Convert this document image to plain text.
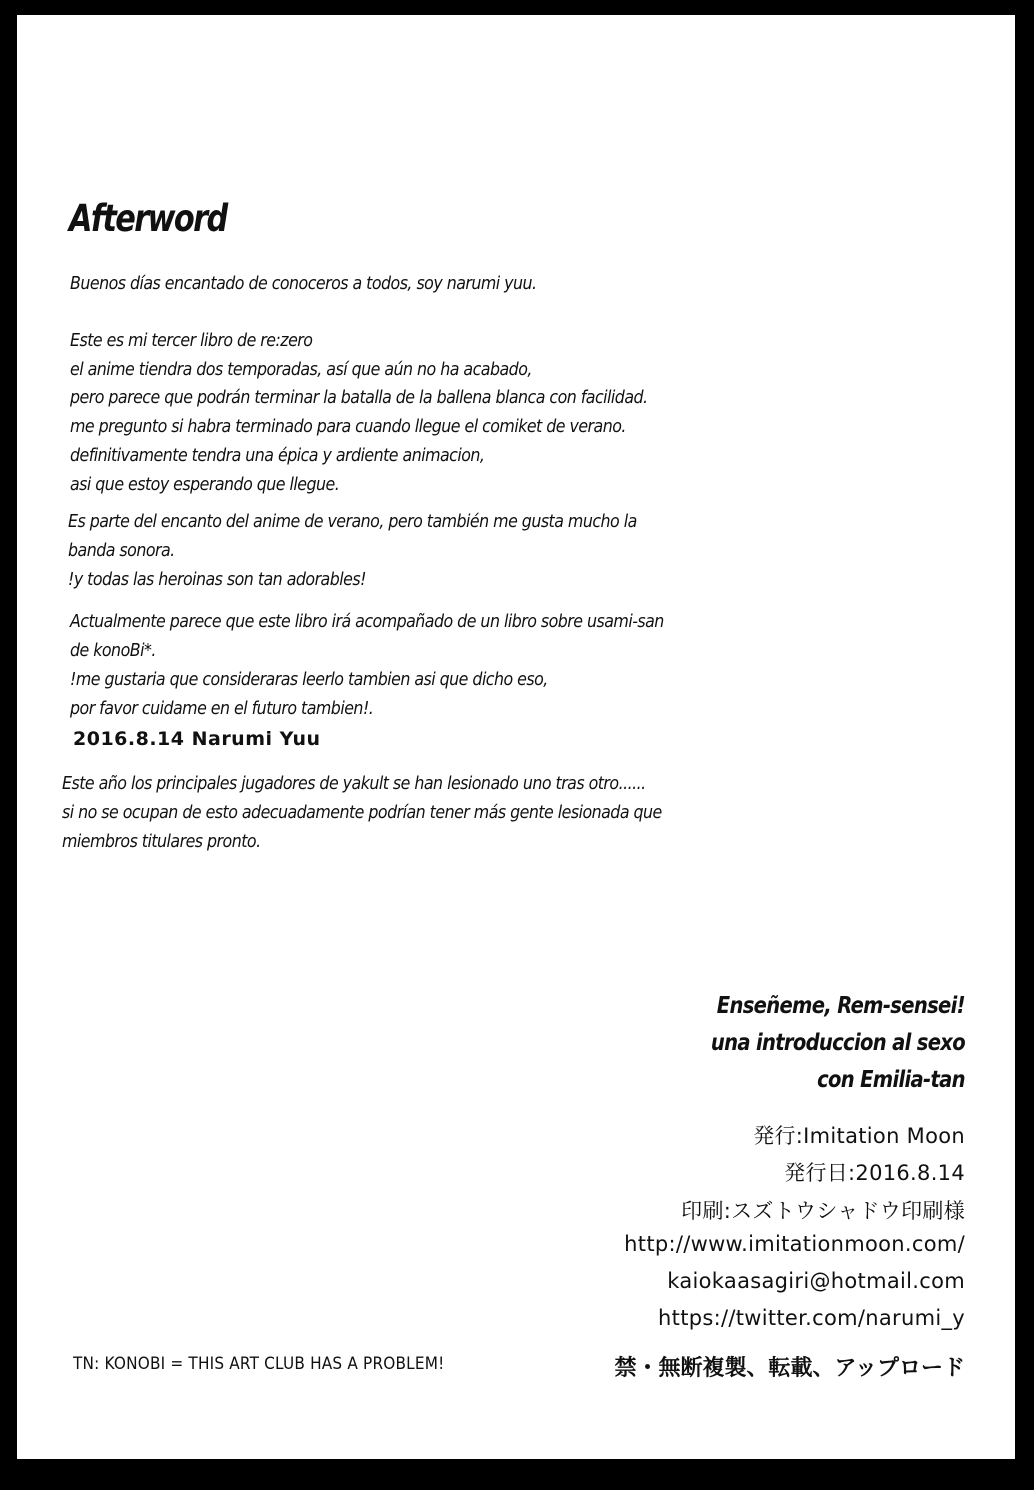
Afterword
Buenos días encantado de conoceros a todos, soy narumi yuu.
Este es mi tercer libro de re:zero
el anime tiendra dos temporadas, así que aún no ha acabado,
pero parece que podrán terminar la batalla de la ballena blanca con facilidad.
me pregunto si habra terminado para cuando llegue el comiket de verano.
definitivamente tendra una épica y ardiente animacion,
asi que estoy esperando que llegue.
Es parte del encanto del anime de verano, pero también me gusta mucho la
banda sonora.
!y todas las heroinas son tan adorables!
Actualmente parece que este libro irá acompañado de un libro sobre usami-san
de konoBi*.
!me gustaria que consideraras leerlo tambien asi que dicho eso,
por favor cuidame en el futuro tambien!.
2016.8.14 Narumi Yuu
Este año los principales jugadores de yakult se han lesionado uno tras otro......
si no se ocupan de esto adecuadamente podrían tener más gente lesionada que
miembros titulares pronto.
Enseñeme, Rem-sensei!
una introduccion al sexo
con Emilia-tan
発行:Imitation Moon
発行日:2016.8.14
印刷:スズトウシャドウ印刷様
http://www.imitationmoon.com/
kaiokaasagiri@hotmail.com
https://twitter.com/narumi_y
TN: KONOBI = THIS ART CLUB HAS A PROBLEM!	禁・無断複製、転載、アップロード
